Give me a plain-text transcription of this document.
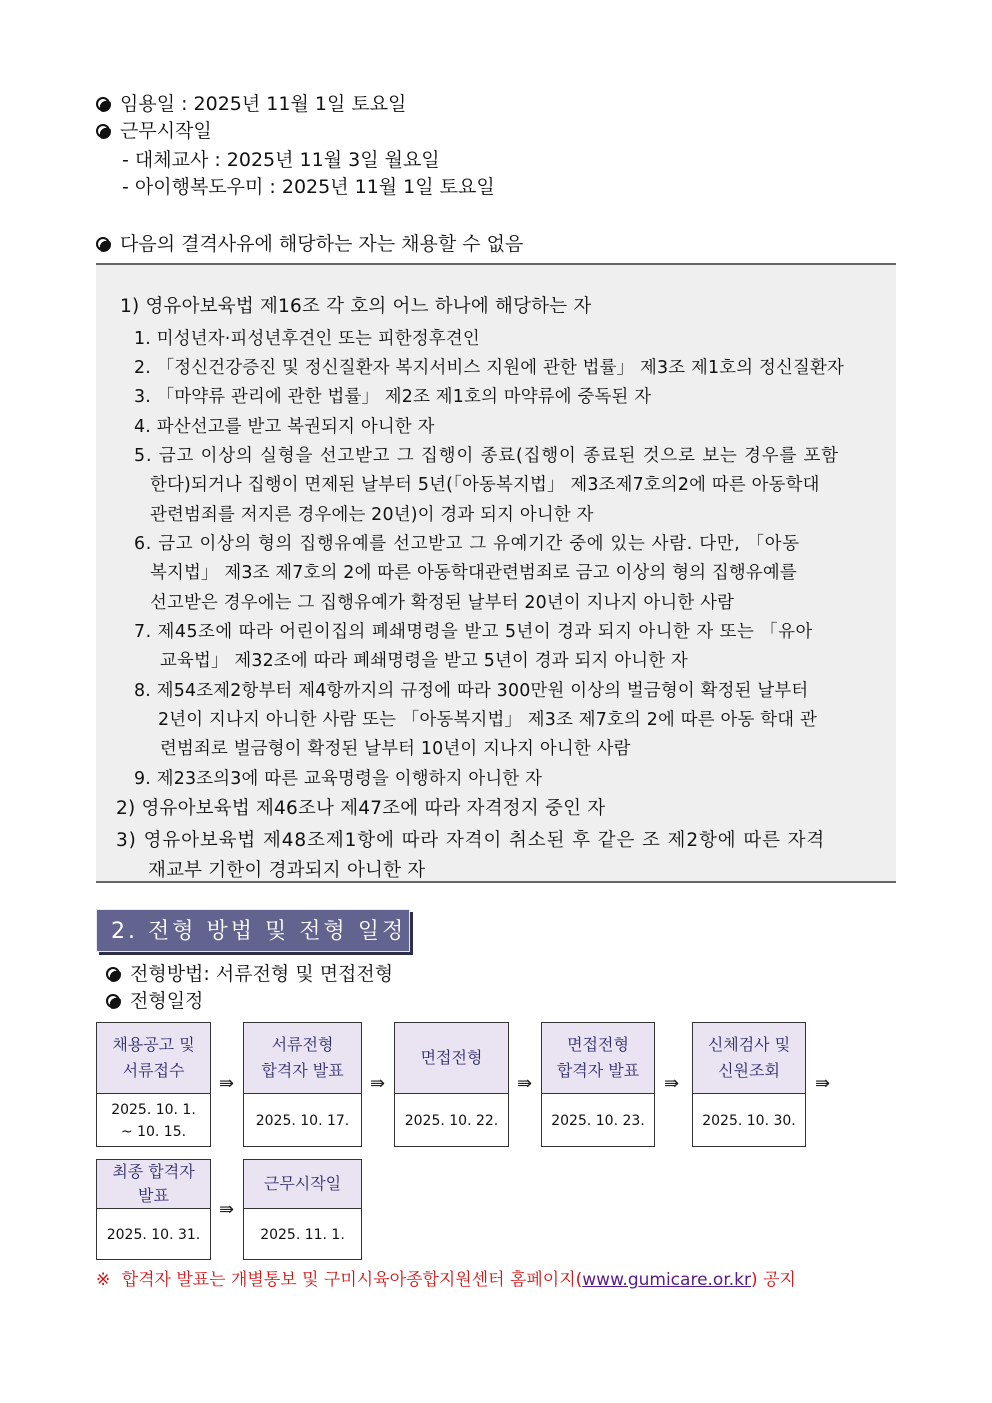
임용일 : 2025년 11월 1일 토요일
근무시작일
- 대체교사 : 2025년 11월 3일 월요일
- 아이행복도우미 : 2025년 11월 1일 토요일
다음의 결격사유에 해당하는 자는 채용할 수 없음
1) 영유아보육법 제16조 각 호의 어느 하나에 해당하는 자
1. 미성년자·피성년후견인 또는 피한정후견인
2. 「정신건강증진 및 정신질환자 복지서비스 지원에 관한 법률」 제3조 제1호의 정신질환자
3. 「마약류 관리에 관한 법률」 제2조 제1호의 마약류에 중독된 자
4. 파산선고를 받고 복권되지 아니한 자
5. 금고 이상의 실형을 선고받고 그 집행이 종료(집행이 종료된 것으로 보는 경우를 포함
한다)되거나 집행이 면제된 날부터 5년(「아동복지법」 제3조제7호의2에 따른 아동학대
관련범죄를 저지른 경우에는 20년)이 경과 되지 아니한 자
6. 금고 이상의 형의 집행유예를 선고받고 그 유예기간 중에 있는 사람. 다만, 「아동
복지법」 제3조 제7호의 2에 따른 아동학대관련범죄로 금고 이상의 형의 집행유예를
선고받은 경우에는 그 집행유예가 확정된 날부터 20년이 지나지 아니한 사람
7. 제45조에 따라 어린이집의 폐쇄명령을 받고 5년이 경과 되지 아니한 자 또는 「유아
교육법」 제32조에 따라 폐쇄명령을 받고 5년이 경과 되지 아니한 자
8. 제54조제2항부터 제4항까지의 규정에 따라 300만원 이상의 벌금형이 확정된 날부터
2년이 지나지 아니한 사람 또는 「아동복지법」 제3조 제7호의 2에 따른 아동 학대 관
련범죄로 벌금형이 확정된 날부터 10년이 지나지 아니한 사람
9. 제23조의3에 따른 교육명령을 이행하지 아니한 자
2) 영유아보육법 제46조나 제47조에 따라 자격정지 중인 자
3) 영유아보육법 제48조제1항에 따라 자격이 취소된 후 같은 조 제2항에 따른 자격
재교부 기한이 경과되지 아니한 자
2. 전형 방법 및 전형 일정
전형방법: 서류전형 및 면접전형
전형일정
채용공고 및
서류접수
2025. 10. 1.
~ 10. 15.
⇛
서류전형
합격자 발표
2025. 10. 17.
⇛
면접전형
2025. 10. 22.
⇛
면접전형
합격자 발표
2025. 10. 23.
⇛
신체검사 및
신원조회
2025. 10. 30.
⇛
최종 합격자
발표
2025. 10. 31.
⇛
근무시작일
2025. 11. 1.
※ 합격자 발표는 개별통보 및 구미시육아종합지원센터 홈페이지(www.gumicare.or.kr) 공지
